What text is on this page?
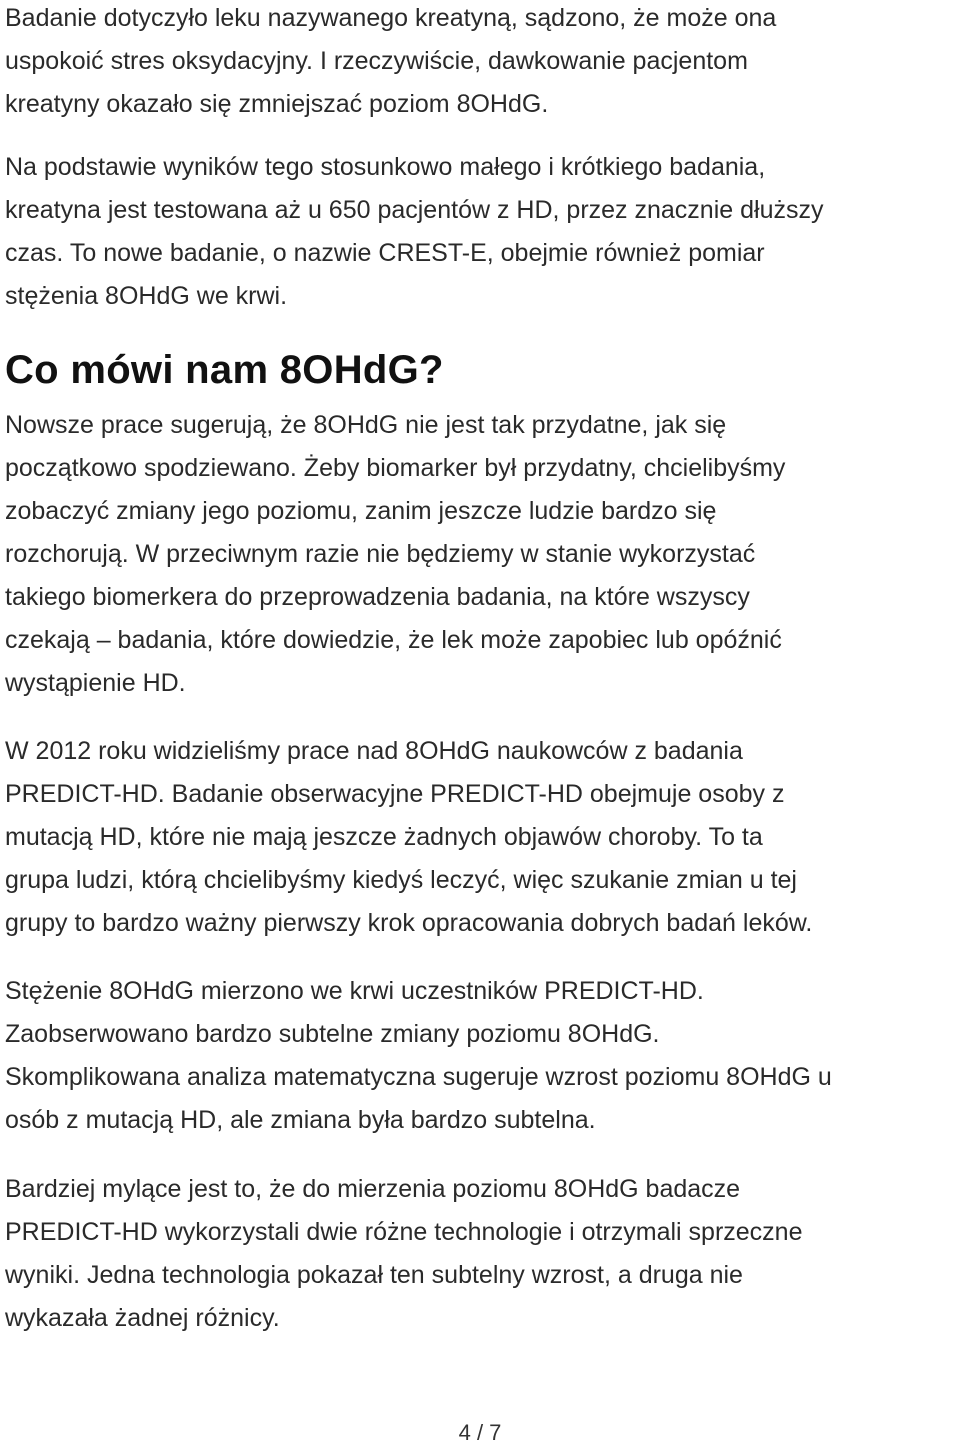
Badanie dotyczyło leku nazywanego kreatyną, sądzono, że może ona
uspokoić stres oksydacyjny. I rzeczywiście, dawkowanie pacjentom
kreatyny okazało się zmniejszać poziom 8OHdG.

Na podstawie wyników tego stosunkowo małego i krótkiego badania,
kreatyna jest testowana aż u 650 pacjentów z HD, przez znacznie dłuższy
czas. To nowe badanie, o nazwie CREST-E, obejmie również pomiar
stężenia 8OHdG we krwi.

Co mówi nam 8OHdG?

Nowsze prace sugerują, że 8OHdG nie jest tak przydatne, jak się
początkowo spodziewano. Żeby biomarker był przydatny, chcielibyśmy
zobaczyć zmiany jego poziomu, zanim jeszcze ludzie bardzo się
rozchorują. W przeciwnym razie nie będziemy w stanie wykorzystać
takiego biomerkera do przeprowadzenia badania, na które wszyscy
czekają – badania, które dowiedzie, że lek może zapobiec lub opóźnić
wystąpienie HD.

W 2012 roku widzieliśmy prace nad 8OHdG naukowców z badania
PREDICT-HD. Badanie obserwacyjne PREDICT-HD obejmuje osoby z
mutacją HD, które nie mają jeszcze żadnych objawów choroby. To ta
grupa ludzi, którą chcielibyśmy kiedyś leczyć, więc szukanie zmian u tej
grupy to bardzo ważny pierwszy krok opracowania dobrych badań leków.

Stężenie 8OHdG mierzono we krwi uczestników PREDICT-HD.
Zaobserwowano bardzo subtelne zmiany poziomu 8OHdG.
Skomplikowana analiza matematyczna sugeruje wzrost poziomu 8OHdG u
osób z mutacją HD, ale zmiana była bardzo subtelna.

Bardziej mylące jest to, że do mierzenia poziomu 8OHdG badacze
PREDICT-HD wykorzystali dwie różne technologie i otrzymali sprzeczne
wyniki. Jedna technologia pokazał ten subtelny wzrost, a druga nie
wykazała żadnej różnicy.

4 / 7
